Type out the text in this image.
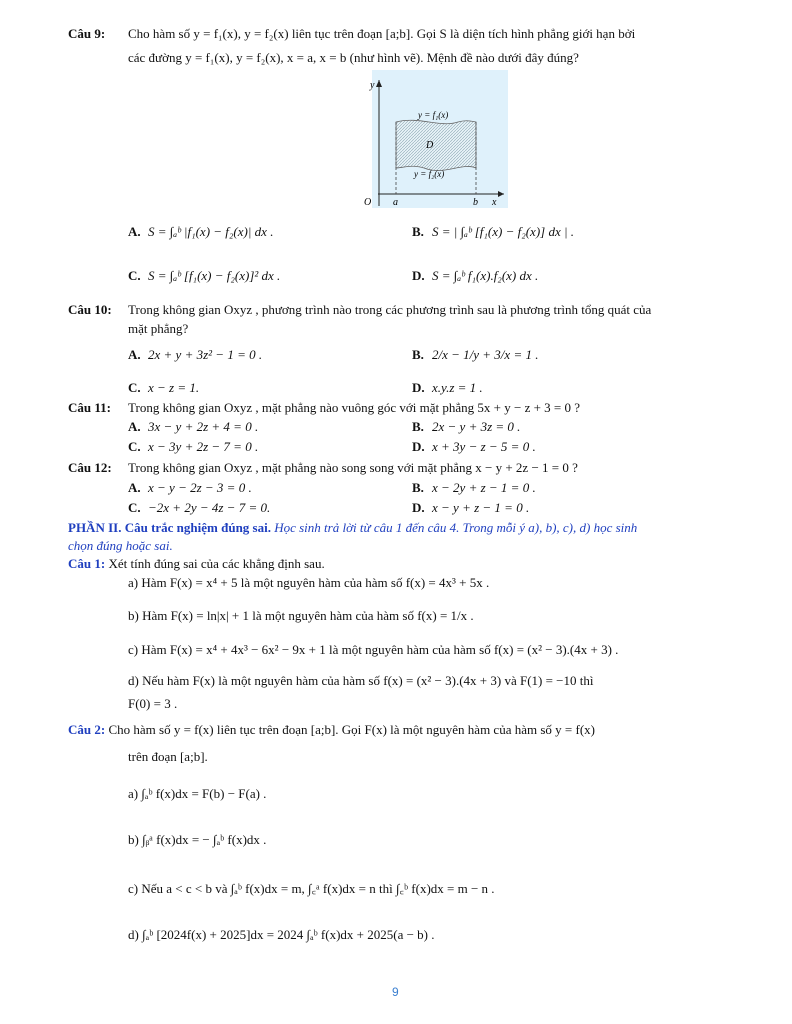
Câu 9: Cho hàm số y = f₁(x), y = f₂(x) liên tục trên đoạn [a;b]. Gọi S là diện tích hình phẳng giới hạn bởi
các đường y = f₁(x), y = f₂(x), x = a, x = b (như hình vẽ). Mệnh đề nào dưới đây đúng?
y = f₁(x)
D
y = f₂(x)
O a	b x
y
A. S = ∫ₐᵇ |f₁(x) − f₂(x)| dx .	B. S = | ∫ₐᵇ [f₁(x) − f₂(x)] dx | .
C. S = ∫ₐᵇ [f₁(x) − f₂(x)]² dx .	D. S = ∫ₐᵇ f₁(x).f₂(x) dx .
Câu 10: Trong không gian Oxyz , phương trình nào trong các phương trình sau là phương trình tổng quát của
mặt phẳng?
A. 2x + y + 3z² − 1 = 0 .	B. 2/x − 1/y + 3/x = 1 .
C. x − z = 1.	D. x.y.z = 1 .
Câu 11: Trong không gian Oxyz , mặt phẳng nào vuông góc với mặt phẳng 5x + y − z + 3 = 0 ?
A. 3x − y + 2z + 4 = 0 .	B. 2x − y + 3z = 0 .
C. x − 3y + 2z − 7 = 0 .	D. x + 3y − z − 5 = 0 .
Câu 12: Trong không gian Oxyz , mặt phẳng nào song song với mặt phẳng x − y + 2z − 1 = 0 ?
A. x − y − 2z − 3 = 0 .	B. x − 2y + z − 1 = 0 .
C. −2x + 2y − 4z − 7 = 0.	D. x − y + z − 1 = 0 .
PHẦN II. Câu trắc nghiệm đúng sai. Học sinh trả lời từ câu 1 đến câu 4. Trong mỗi ý a), b), c), d) học sinh
chọn đúng hoặc sai.
Câu 1: Xét tính đúng sai của các khẳng định sau.
a) Hàm F(x) = x⁴ + 5 là một nguyên hàm của hàm số f(x) = 4x³ + 5x .
b) Hàm F(x) = ln|x| + 1 là một nguyên hàm của hàm số f(x) = 1/x .
c) Hàm F(x) = x⁴ + 4x³ − 6x² − 9x + 1 là một nguyên hàm của hàm số f(x) = (x² − 3).(4x + 3) .
d) Nếu hàm F(x) là một nguyên hàm của hàm số f(x) = (x² − 3).(4x + 3) và F(1) = −10 thì
F(0) = 3 .
Câu 2: Cho hàm số y = f(x) liên tục trên đoạn [a;b]. Gọi F(x) là một nguyên hàm của hàm số y = f(x)
trên đoạn [a;b].
a) ∫ₐᵇ f(x)dx = F(b) − F(a) .
b) ∫ᵦᵃ f(x)dx = − ∫ₐᵇ f(x)dx .
c) Nếu a < c < b và ∫ₐᵇ f(x)dx = m, ∫꜀ᵃ f(x)dx = n thì ∫꜀ᵇ f(x)dx = m − n .
d) ∫ₐᵇ [2024f(x) + 2025]dx = 2024 ∫ₐᵇ f(x)dx + 2025(a − b) .
9
